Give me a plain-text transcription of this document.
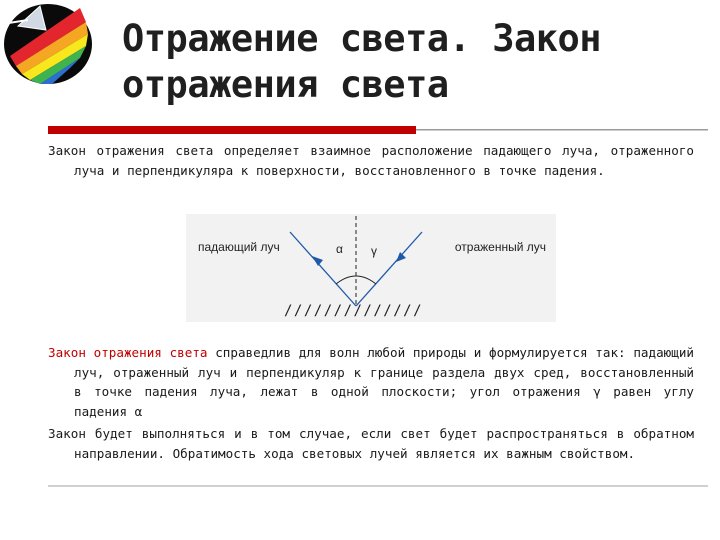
Отражение света. Закон отражения света

Закон отражения света определяет взаимное расположение падающего луча, отраженного луча и перпендикуляра к поверхности, восстановленного в точке падения.

падающий луч	отраженный луч
α γ
//////////////

Закон отражения света справедлив для волн любой природы и формулируется так: падающий луч, отраженный луч и перпендикуляр к границе раздела двух сред, восстановленный в точке падения луча, лежат в одной плоскости; угол отражения γ равен углу падения α

Закон будет выполняться и в том случае, если свет будет распространяться в обратном направлении. Обратимость хода световых лучей является их важным свойством.
